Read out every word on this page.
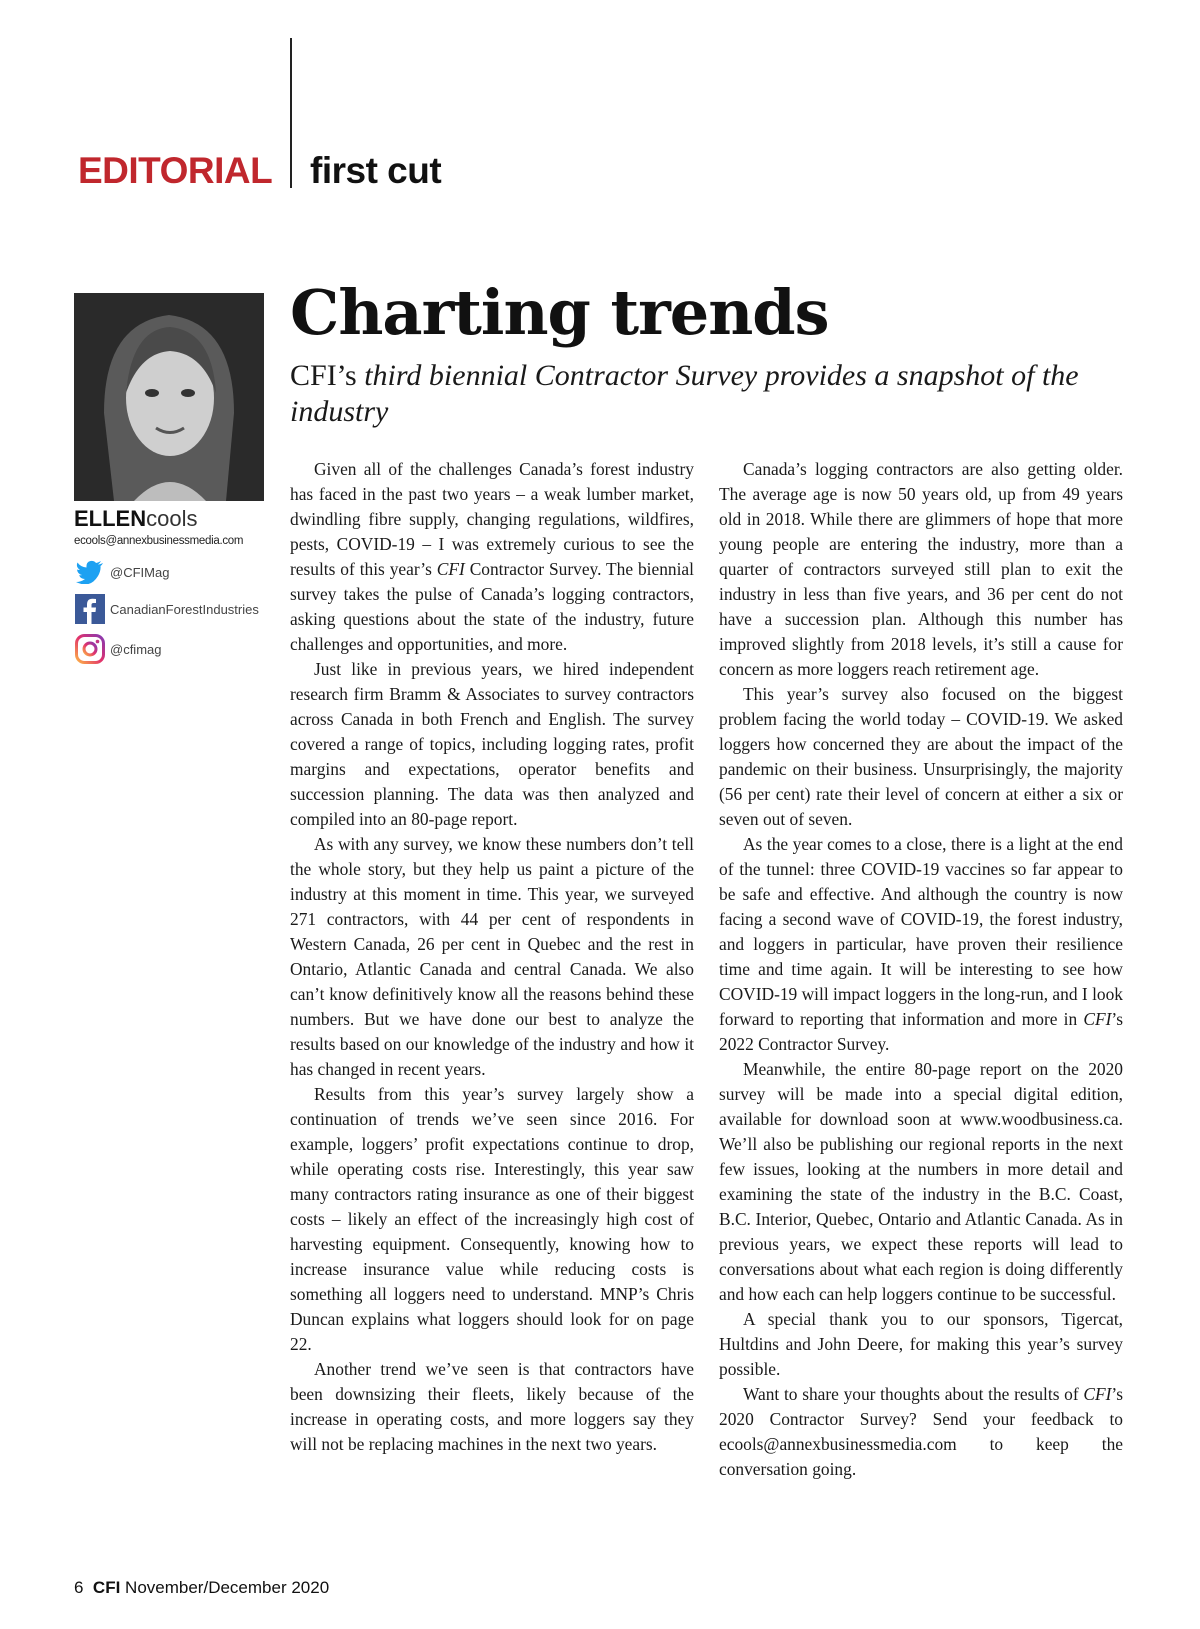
EDITORIAL first cut
ELLENcools
ecools@annexbusinessmedia.com
@CFIMag
CanadianForestIndustries
@cfimag
Charting trends
CFI’s third biennial Contractor Survey provides a snapshot of the industry

Given all of the challenges Canada’s forest industry has faced in the past two years – a weak lumber market, dwindling fibre supply, changing regulations, wildfires, pests, COVID-19 – I was extremely curious to see the results of this year’s CFI Contractor Survey. The biennial survey takes the pulse of Canada’s logging contractors, asking questions about the state of the industry, future challenges and opportunities, and more.

Just like in previous years, we hired independent research firm Bramm & Associates to survey contractors across Canada in both French and English. The survey covered a range of topics, including logging rates, profit margins and expectations, operator benefits and succession planning. The data was then analyzed and compiled into an 80-page report.

As with any survey, we know these numbers don’t tell the whole story, but they help us paint a picture of the industry at this moment in time. This year, we surveyed 271 contractors, with 44 per cent of respondents in Western Canada, 26 per cent in Quebec and the rest in Ontario, Atlantic Canada and central Canada. We also can’t know definitively know all the reasons behind these numbers. But we have done our best to analyze the results based on our knowledge of the industry and how it has changed in recent years.

Results from this year’s survey largely show a continuation of trends we’ve seen since 2016. For example, loggers’ profit expectations continue to drop, while operating costs rise. Interestingly, this year saw many contractors rating insurance as one of their biggest costs – likely an effect of the increasingly high cost of harvesting equipment. Consequently, knowing how to increase insurance value while reducing costs is something all loggers need to understand. MNP’s Chris Duncan explains what loggers should look for on page 22.

Another trend we’ve seen is that contractors have been downsizing their fleets, likely because of the increase in operating costs, and more loggers say they will not be replacing machines in the next two years.

Canada’s logging contractors are also getting older. The average age is now 50 years old, up from 49 years old in 2018. While there are glimmers of hope that more young people are entering the industry, more than a quarter of contractors surveyed still plan to exit the industry in less than five years, and 36 per cent do not have a succession plan. Although this number has improved slightly from 2018 levels, it’s still a cause for concern as more loggers reach retirement age.

This year’s survey also focused on the biggest problem facing the world today – COVID-19. We asked loggers how concerned they are about the impact of the pandemic on their business. Unsurprisingly, the majority (56 per cent) rate their level of concern at either a six or seven out of seven.

As the year comes to a close, there is a light at the end of the tunnel: three COVID-19 vaccines so far appear to be safe and effective. And although the country is now facing a second wave of COVID-19, the forest industry, and loggers in particular, have proven their resilience time and time again. It will be interesting to see how COVID-19 will impact loggers in the long-run, and I look forward to reporting that information and more in CFI’s 2022 Contractor Survey.

Meanwhile, the entire 80-page report on the 2020 survey will be made into a special digital edition, available for download soon at www.woodbusiness.ca. We’ll also be publishing our regional reports in the next few issues, looking at the numbers in more detail and examining the state of the industry in the B.C. Coast, B.C. Interior, Quebec, Ontario and Atlantic Canada. As in previous years, we expect these reports will lead to conversations about what each region is doing differently and how each can help loggers continue to be successful.

A special thank you to our sponsors, Tigercat, Hultdins and John Deere, for making this year’s survey possible.

Want to share your thoughts about the results of CFI’s 2020 Contractor Survey? Send your feedback to ecools@annexbusinessmedia.com to keep the conversation going.

6 CFI November/December 2020
